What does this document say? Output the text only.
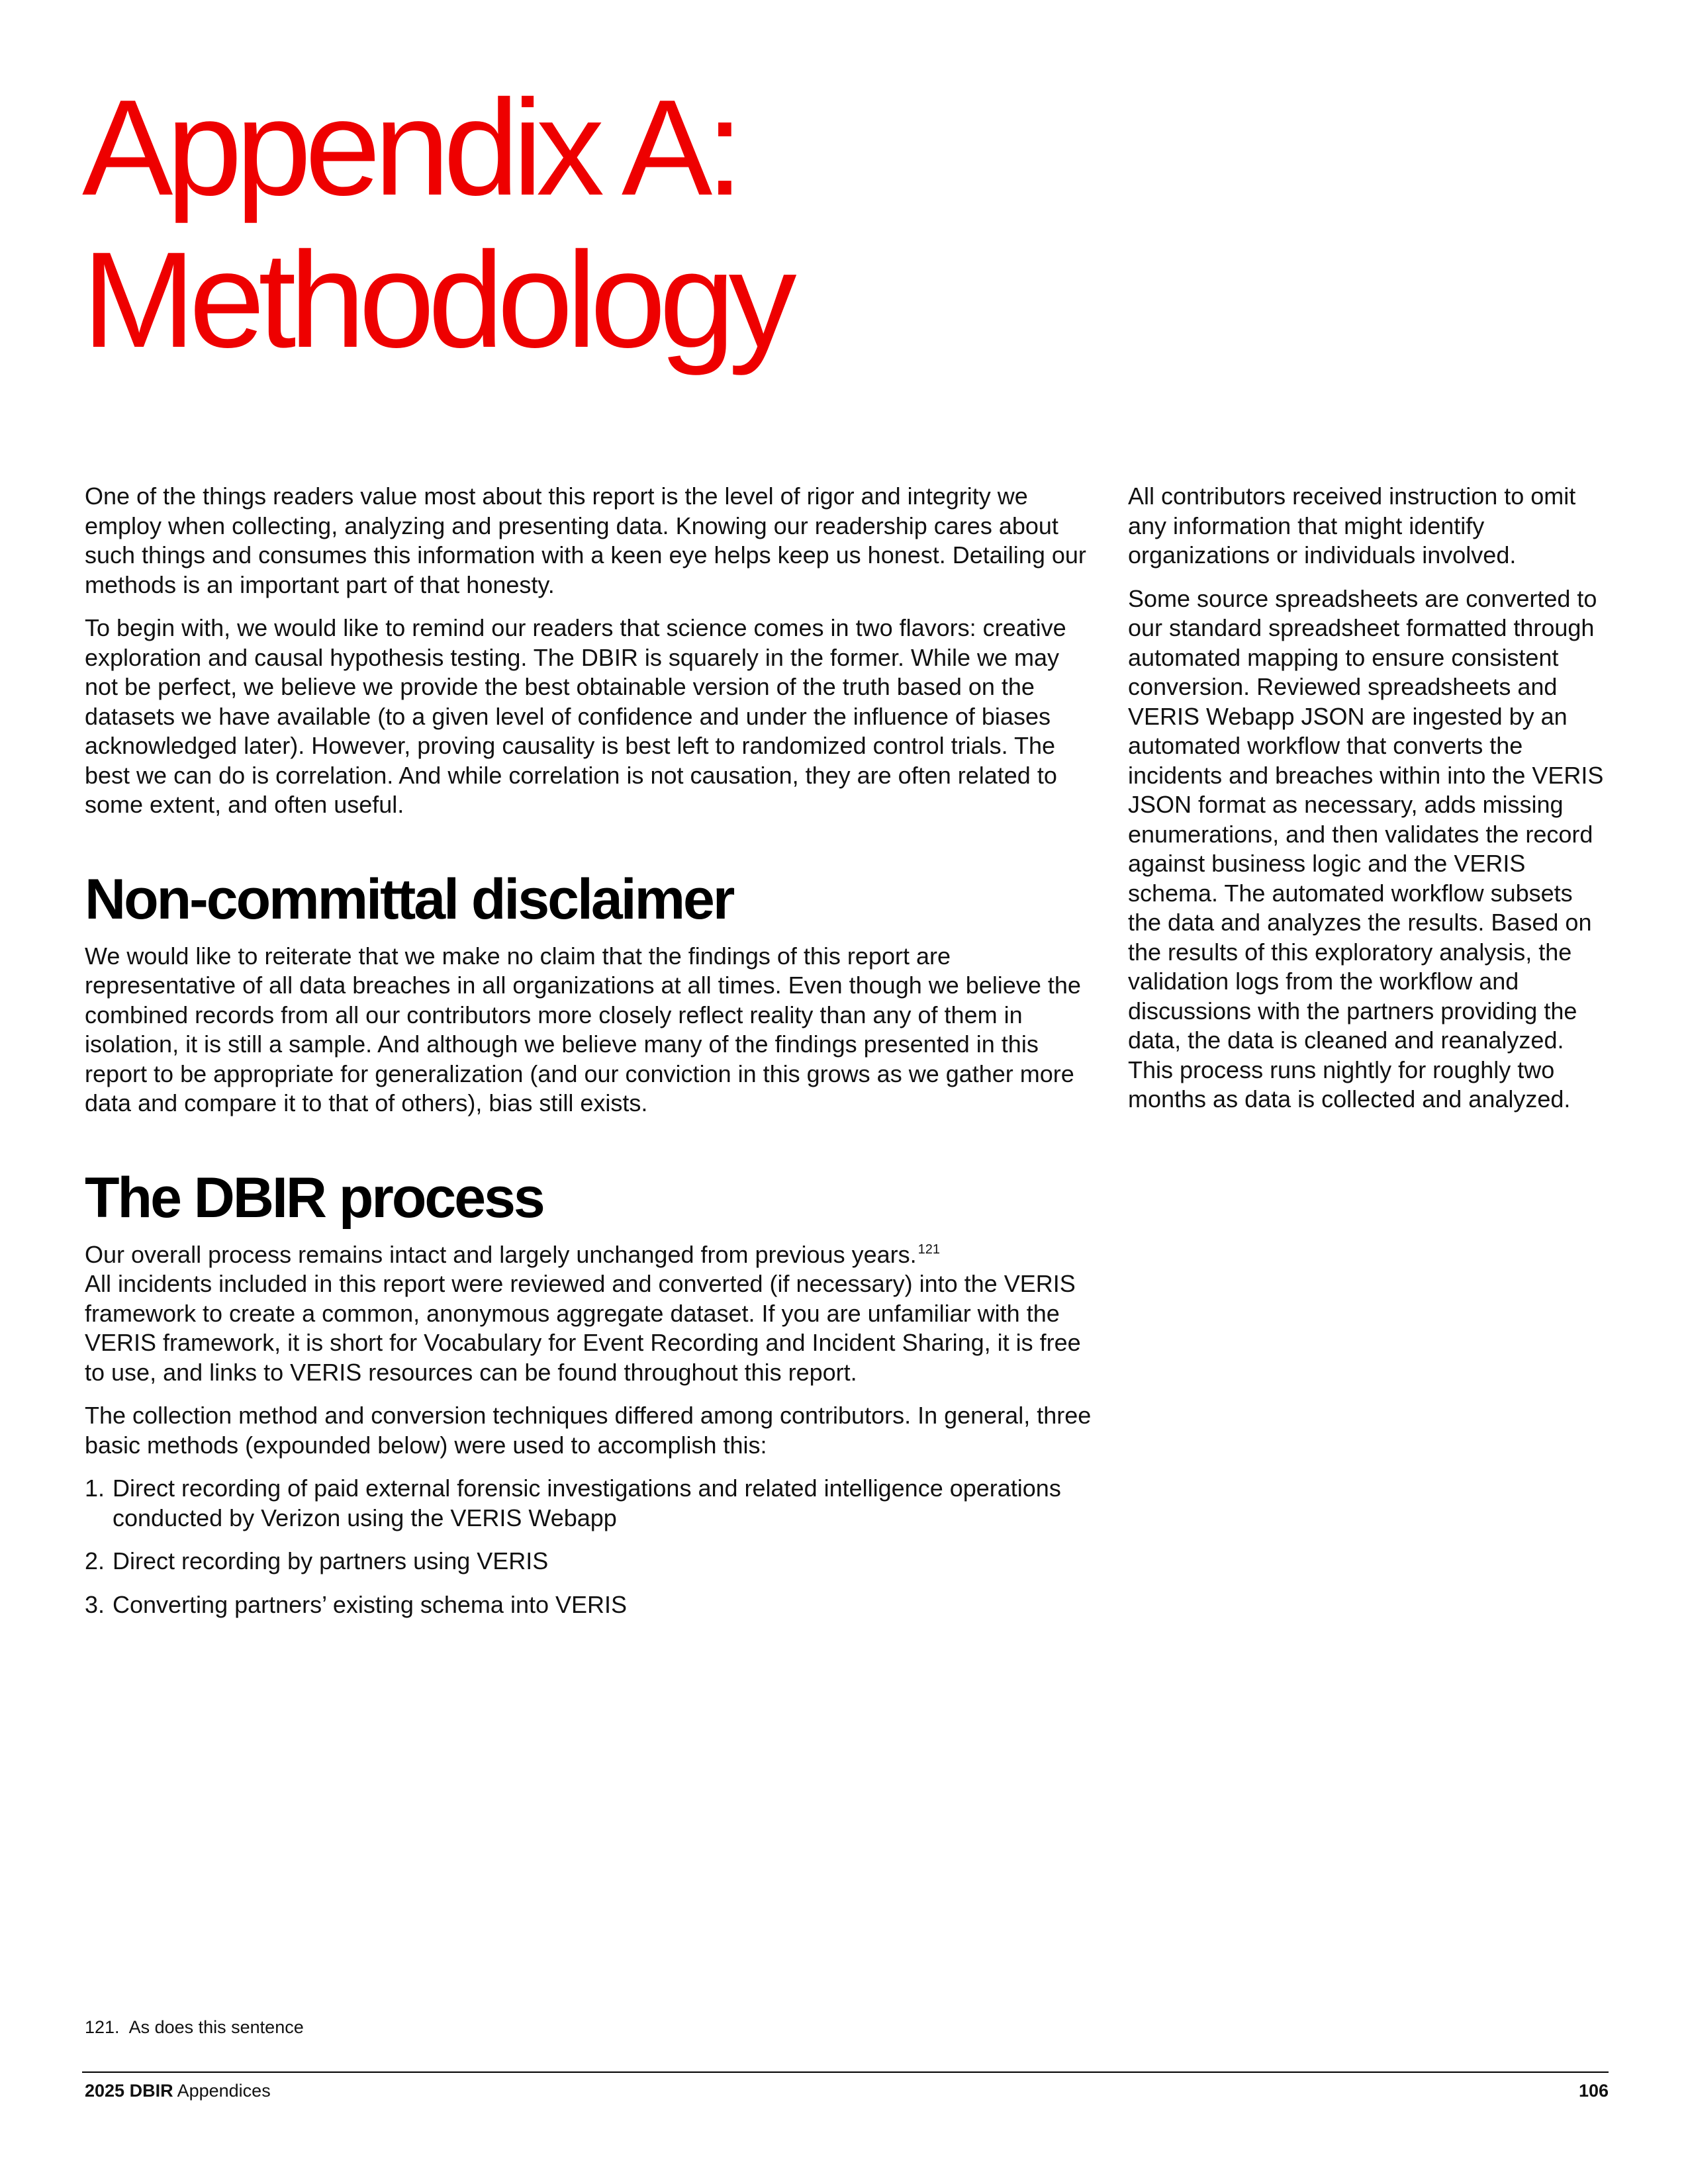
Appendix A:
Methodology

One of the things readers value most about this report is the level of rigor and integrity we employ when collecting, analyzing and presenting data. Knowing our readership cares about such things and consumes this information with a keen eye helps keep us honest. Detailing our methods is an important part of that honesty.

To begin with, we would like to remind our readers that science comes in two flavors: creative exploration and causal hypothesis testing. The DBIR is squarely in the former. While we may not be perfect, we believe we provide the best obtainable version of the truth based on the datasets we have available (to a given level of confidence and under the influence of biases acknowledged later). However, proving causality is best left to randomized control trials. The best we can do is correlation. And while correlation is not causation, they are often related to some extent, and often useful.

Non-committal disclaimer

We would like to reiterate that we make no claim that the findings of this report are representative of all data breaches in all organizations at all times. Even though we believe the combined records from all our contributors more closely reflect reality than any of them in isolation, it is still a sample. And although we believe many of the findings presented in this report to be appropriate for generalization (and our conviction in this grows as we gather more data and compare it to that of others), bias still exists.

The DBIR process

Our overall process remains intact and largely unchanged from previous years. $^{121}$
All incidents included in this report were reviewed and converted (if necessary) into the VERIS framework to create a common, anonymous aggregate dataset. If you are unfamiliar with the VERIS framework, it is short for Vocabulary for Event Recording and Incident Sharing, it is free to use, and links to VERIS resources can be found throughout this report.

The collection method and conversion techniques differed among contributors. In general, three basic methods (expounded below) were used to accomplish this:

1. Direct recording of paid external forensic investigations and related intelligence operations conducted by Verizon using the VERIS Webapp
2. Direct recording by partners using VERIS
3. Converting partners’ existing schema into VERIS

All contributors received instruction to omit any information that might identify organizations or individuals involved.

Some source spreadsheets are converted to our standard spreadsheet formatted through automated mapping to ensure consistent conversion. Reviewed spreadsheets and VERIS Webapp JSON are ingested by an automated workflow that converts the incidents and breaches within into the VERIS JSON format as necessary, adds missing enumerations, and then validates the record against business logic and the VERIS schema. The automated workflow subsets the data and analyzes the results. Based on the results of this exploratory analysis, the validation logs from the workflow and discussions with the partners providing the data, the data is cleaned and reanalyzed. This process runs nightly for roughly two months as data is collected and analyzed.

121. As does this sentence
2025 DBIR Appendices	106
